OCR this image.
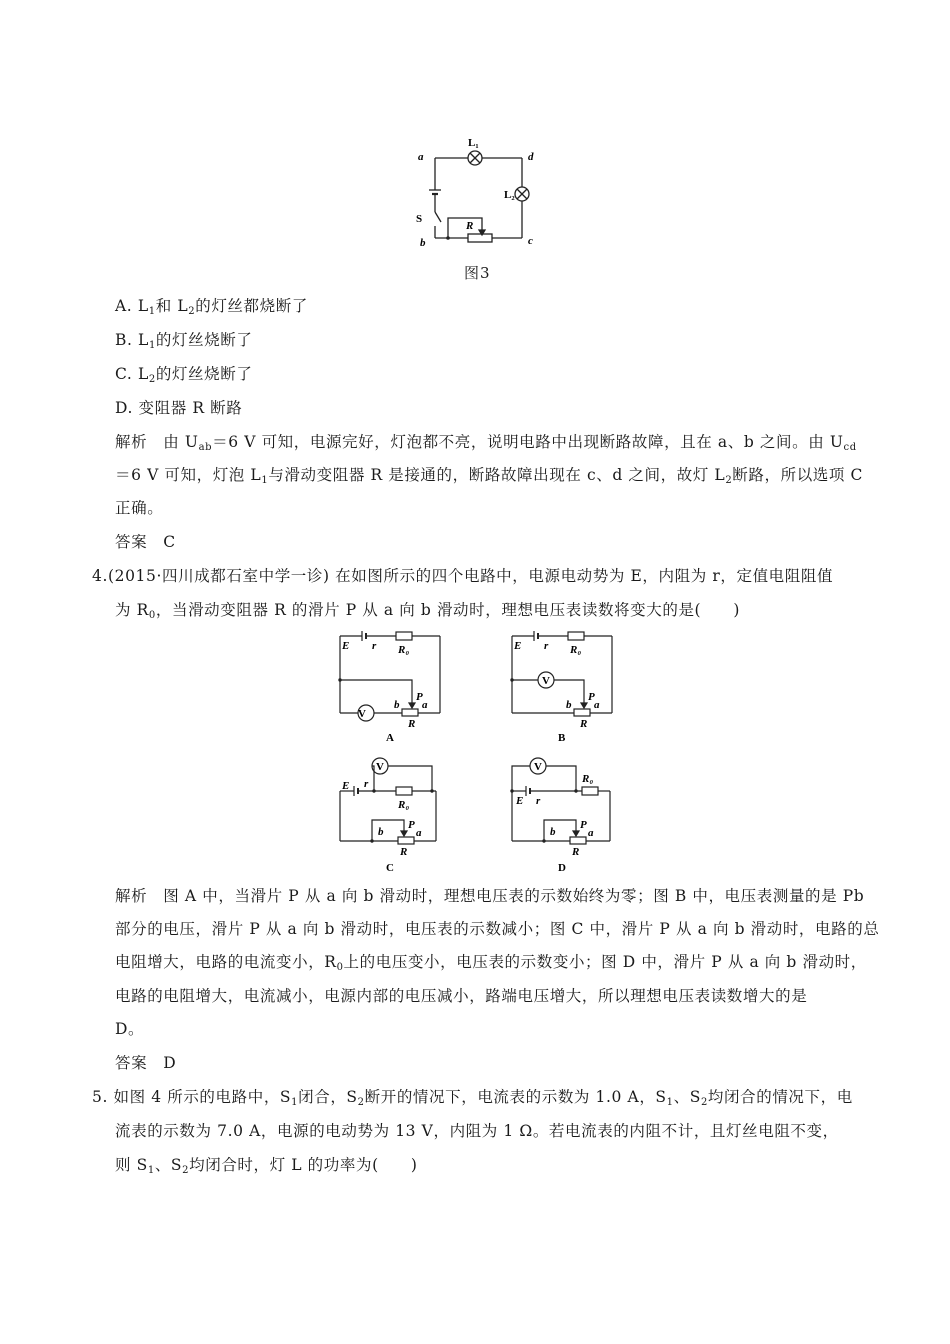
a	d
b	c
L₁
L₂
S
R
图3
A. $L_1$和 $L_2$的灯丝都烧断了
B. $L_1$的灯丝烧断了
C. $L_2$的灯丝烧断了
D. 变阻器 R 断路
解析　由 $U_{ab}=6$ V 可知，电源完好，灯泡都不亮，说明电路中出现断路故障，且在 a、b 之间。由 $U_{cd}$
＝6 V 可知，灯泡 $L_1$与滑动变阻器 R 是接通的，断路故障出现在 c、d 之间，故灯 $L_2$断路，所以选项 C
正确。
答案　C
4.(2015·四川成都石室中学一诊) 在如图所示的四个电路中，电源电动势为 E，内阻为 r，定值电阻阻值
为 $R_0$，当滑动变阻器 R 的滑片 P 从 a 向 b 滑动时，理想电压表读数将变大的是(　　)
V
E r R₀
b
P
a
R
A
V
E r R₀
b
P
a
R
B
V
E r
R₀
b
P
a
R
C
V
E r
R₀
b
P
a
R
D
解析　图 A 中，当滑片 P 从 a 向 b 滑动时，理想电压表的示数始终为零；图 B 中，电压表测量的是 Pb
部分的电压，滑片 P 从 a 向 b 滑动时，电压表的示数减小；图 C 中，滑片 P 从 a 向 b 滑动时，电路的总
电阻增大，电路的电流变小，$R_0$上的电压变小，电压表的示数变小；图 D 中，滑片 P 从 a 向 b 滑动时，
电路的电阻增大，电流减小，电源内部的电压减小，路端电压增大，所以理想电压表读数增大的是
D。
答案　D
5. 如图 4 所示的电路中，$S_1$闭合，$S_2$断开的情况下，电流表的示数为 1.0 A，$S_1$、$S_2$均闭合的情况下，电
流表的示数为 7.0 A，电源的电动势为 13 V，内阻为 1 Ω。若电流表的内阻不计，且灯丝电阻不变，
则 $S_1$、$S_2$均闭合时，灯 L 的功率为(　　)
